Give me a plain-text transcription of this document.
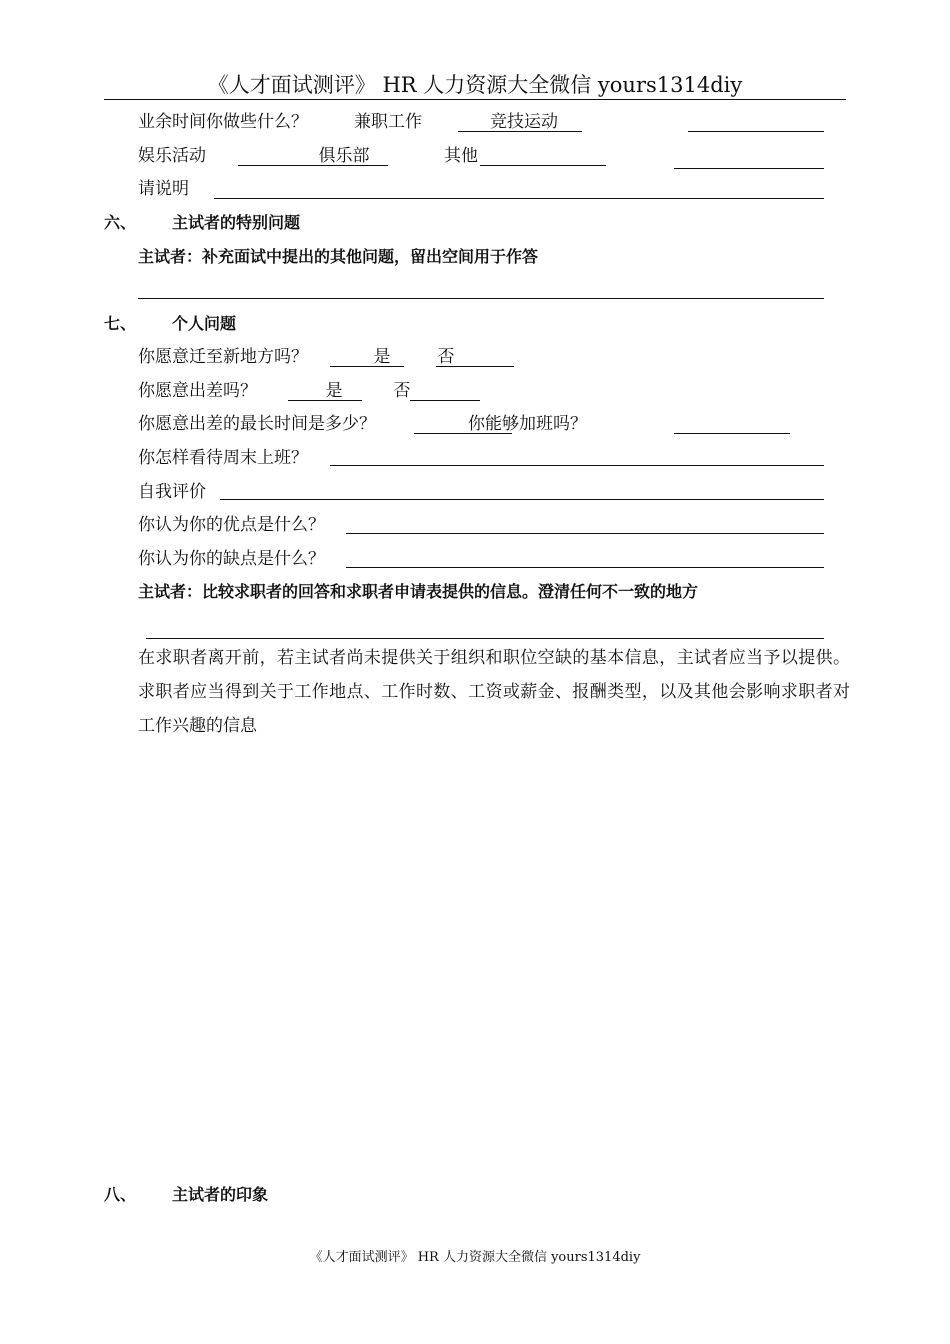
《人才面试测评》 HR 人力资源大全微信 yours1314diy
业余时间你做些什么？	兼职工作	竞技运动
娱乐活动	俱乐部	其他
请说明
六、 主试者的特别问题
主试者：补充面试中提出的其他问题，留出空间用于作答
七、 个人问题
你愿意迁至新地方吗？	是	否
你愿意出差吗？	是	否
你愿意出差的最长时间是多少？	你能够加班吗？
你怎样看待周末上班？
自我评价
你认为你的优点是什么？
你认为你的缺点是什么？
主试者：比较求职者的回答和求职者申请表提供的信息。澄清任何不一致的地方
在求职者离开前，若主试者尚未提供关于组织和职位空缺的基本信息，主试者应当予以提供。求职者应当得到关于工作地点、工作时数、工资或薪金、报酬类型，以及其他会影响求职者对工作兴趣的信息
八、 主试者的印象
《人才面试测评》 HR 人力资源大全微信 yours1314diy
